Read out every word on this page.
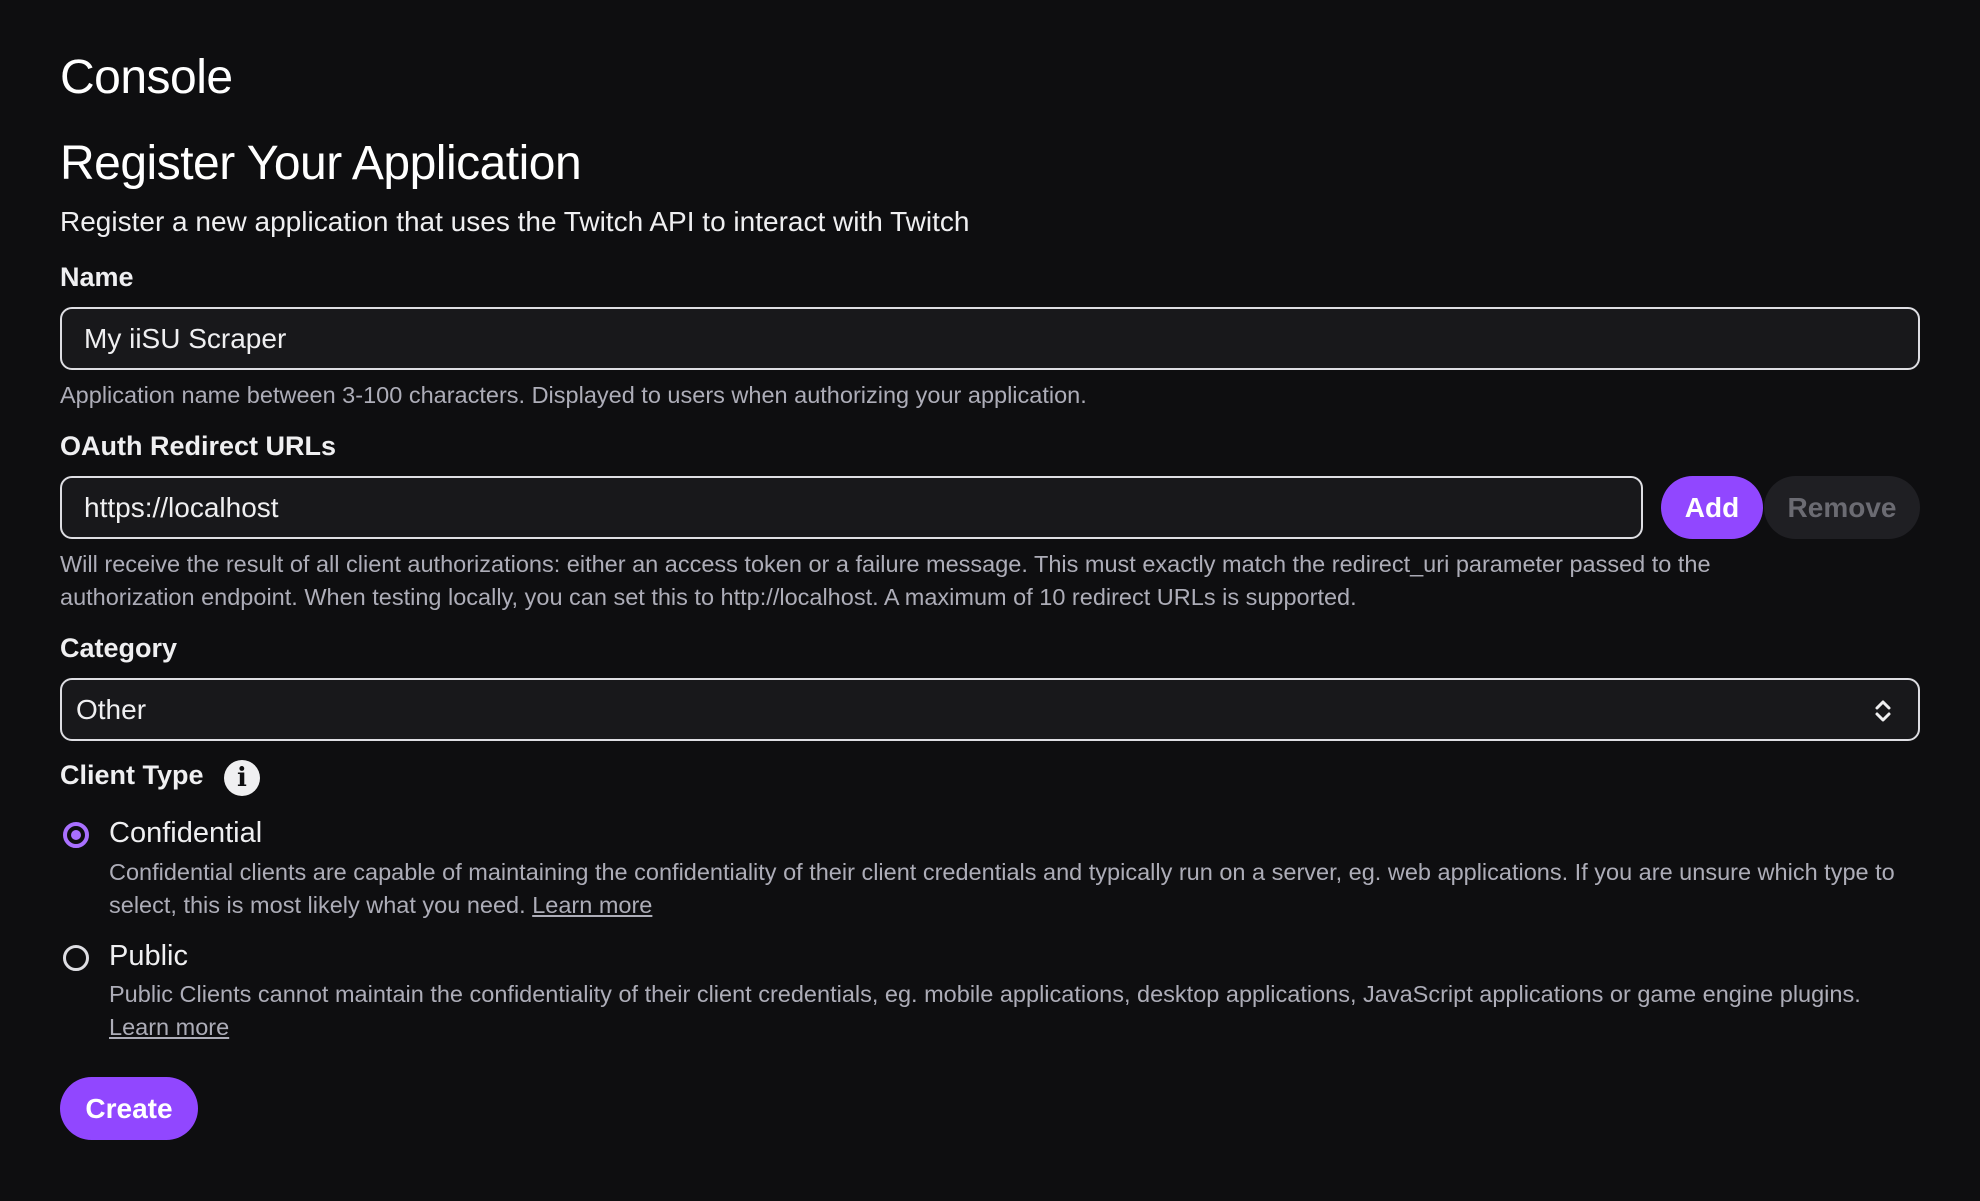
Console
Register Your Application
Register a new application that uses the Twitch API to interact with Twitch
Name
My iiSU Scraper
Application name between 3-100 characters. Displayed to users when authorizing your application.
OAuth Redirect URLs
https://localhost	Add	Remove
Will receive the result of all client authorizations: either an access token or a failure message. This must exactly match the redirect_uri parameter passed to the
authorization endpoint. When testing locally, you can set this to http://localhost. A maximum of 10 redirect URLs is supported.
Category
Other
Client Type	i
Confidential
Confidential clients are capable of maintaining the confidentiality of their client credentials and typically run on a server, eg. web applications. If you are unsure which type to select, this is most likely what you need. Learn more
Public
Public Clients cannot maintain the confidentiality of their client credentials, eg. mobile applications, desktop applications, JavaScript applications or game engine plugins. Learn more
Create
